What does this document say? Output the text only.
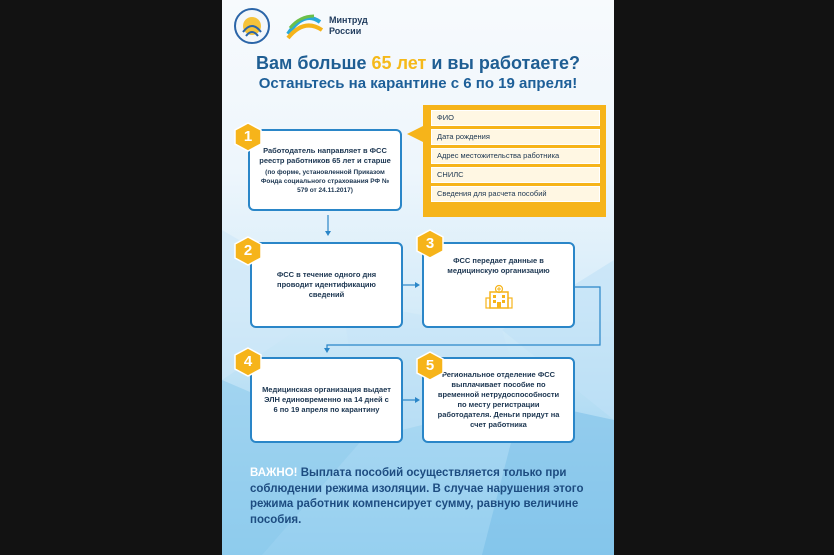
Минтруд России
Вам больше 65 лет и вы работаете?
Останьтесь на карантине с 6 по 19 апреля!
Работодатель направляет в ФСС реестр работников 65 лет и старше
(по форме, установленной Приказом Фонда социального страхования РФ № 579 от 24.11.2017)
1
ФИО
Дата рождения
Адрес местожительства работника
СНИЛС
Сведения для расчета пособий
ФСС в течение одного дня проводит идентификацию сведений
2
ФСС передает данные в медицинскую организацию
3
Медицинская организация выдает ЭЛН единовременно на 14 дней с 6 по 19 апреля по карантину
4
Региональное отделение ФСС выплачивает пособие по временной нетрудоспособности по месту регистрации работодателя. Деньги придут на счет работника
5
ВАЖНО! Выплата пособий осуществляется только при соблюдении режима изоляции. В случае нарушения этого режима работник компенсирует сумму, равную величине пособия.
